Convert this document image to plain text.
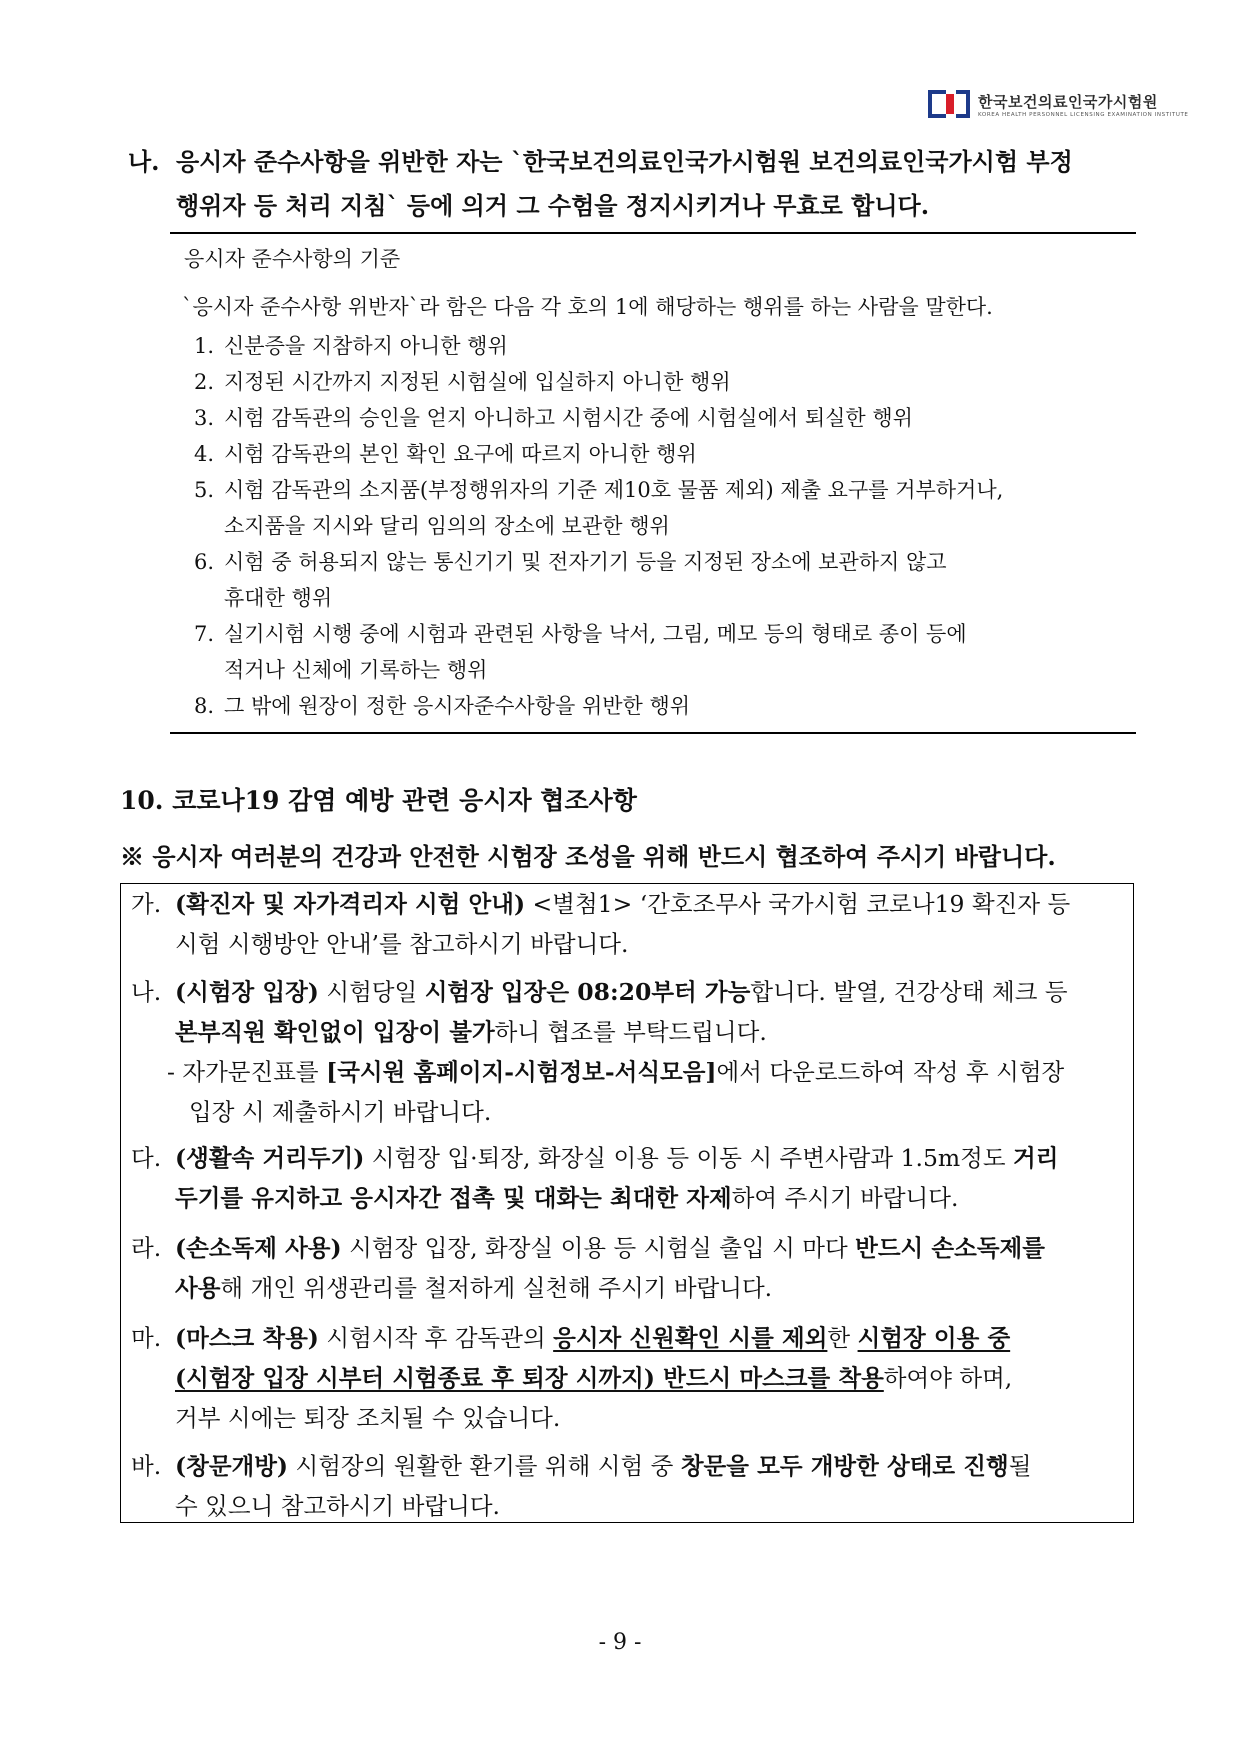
한국보건의료인국가시험원
KOREA HEALTH PERSONNEL LICENSING EXAMINATION INSTITUTE
나. 응시자 준수사항을 위반한 자는 `한국보건의료인국가시험원 보건의료인국가시험 부정
행위자 등 처리 지침` 등에 의거 그 수험을 정지시키거나 무효로 합니다.
응시자 준수사항의 기준
`응시자 준수사항 위반자`라 함은 다음 각 호의 1에 해당하는 행위를 하는 사람을 말한다.
1. 신분증을 지참하지 아니한 행위
2. 지정된 시간까지 지정된 시험실에 입실하지 아니한 행위
3. 시험 감독관의 승인을 얻지 아니하고 시험시간 중에 시험실에서 퇴실한 행위
4. 시험 감독관의 본인 확인 요구에 따르지 아니한 행위
5. 시험 감독관의 소지품(부정행위자의 기준 제10호 물품 제외) 제출 요구를 거부하거나,
소지품을 지시와 달리 임의의 장소에 보관한 행위
6. 시험 중 허용되지 않는 통신기기 및 전자기기 등을 지정된 장소에 보관하지 않고
휴대한 행위
7. 실기시험 시행 중에 시험과 관련된 사항을 낙서, 그림, 메모 등의 형태로 종이 등에
적거나 신체에 기록하는 행위
8. 그 밖에 원장이 정한 응시자준수사항을 위반한 행위
10. 코로나19 감염 예방 관련 응시자 협조사항
※ 응시자 여러분의 건강과 안전한 시험장 조성을 위해 반드시 협조하여 주시기 바랍니다.
가. (확진자 및 자가격리자 시험 안내) <별첨1> ‘간호조무사 국가시험 코로나19 확진자 등
시험 시행방안 안내’를 참고하시기 바랍니다.
나. (시험장 입장) 시험당일 시험장 입장은 08:20부터 가능합니다. 발열, 건강상태 체크 등
본부직원 확인없이 입장이 불가하니 협조를 부탁드립니다.
- 자가문진표를 [국시원 홈페이지-시험정보-서식모음]에서 다운로드하여 작성 후 시험장
입장 시 제출하시기 바랍니다.
다. (생활속 거리두기) 시험장 입·퇴장, 화장실 이용 등 이동 시 주변사람과 1.5m정도 거리
두기를 유지하고 응시자간 접촉 및 대화는 최대한 자제하여 주시기 바랍니다.
라. (손소독제 사용) 시험장 입장, 화장실 이용 등 시험실 출입 시 마다 반드시 손소독제를
사용해 개인 위생관리를 철저하게 실천해 주시기 바랍니다.
마. (마스크 착용) 시험시작 후 감독관의 응시자 신원확인 시를 제외한 시험장 이용 중
(시험장 입장 시부터 시험종료 후 퇴장 시까지) 반드시 마스크를 착용하여야 하며,
거부 시에는 퇴장 조치될 수 있습니다.
바. (창문개방) 시험장의 원활한 환기를 위해 시험 중 창문을 모두 개방한 상태로 진행될
수 있으니 참고하시기 바랍니다.
- 9 -
